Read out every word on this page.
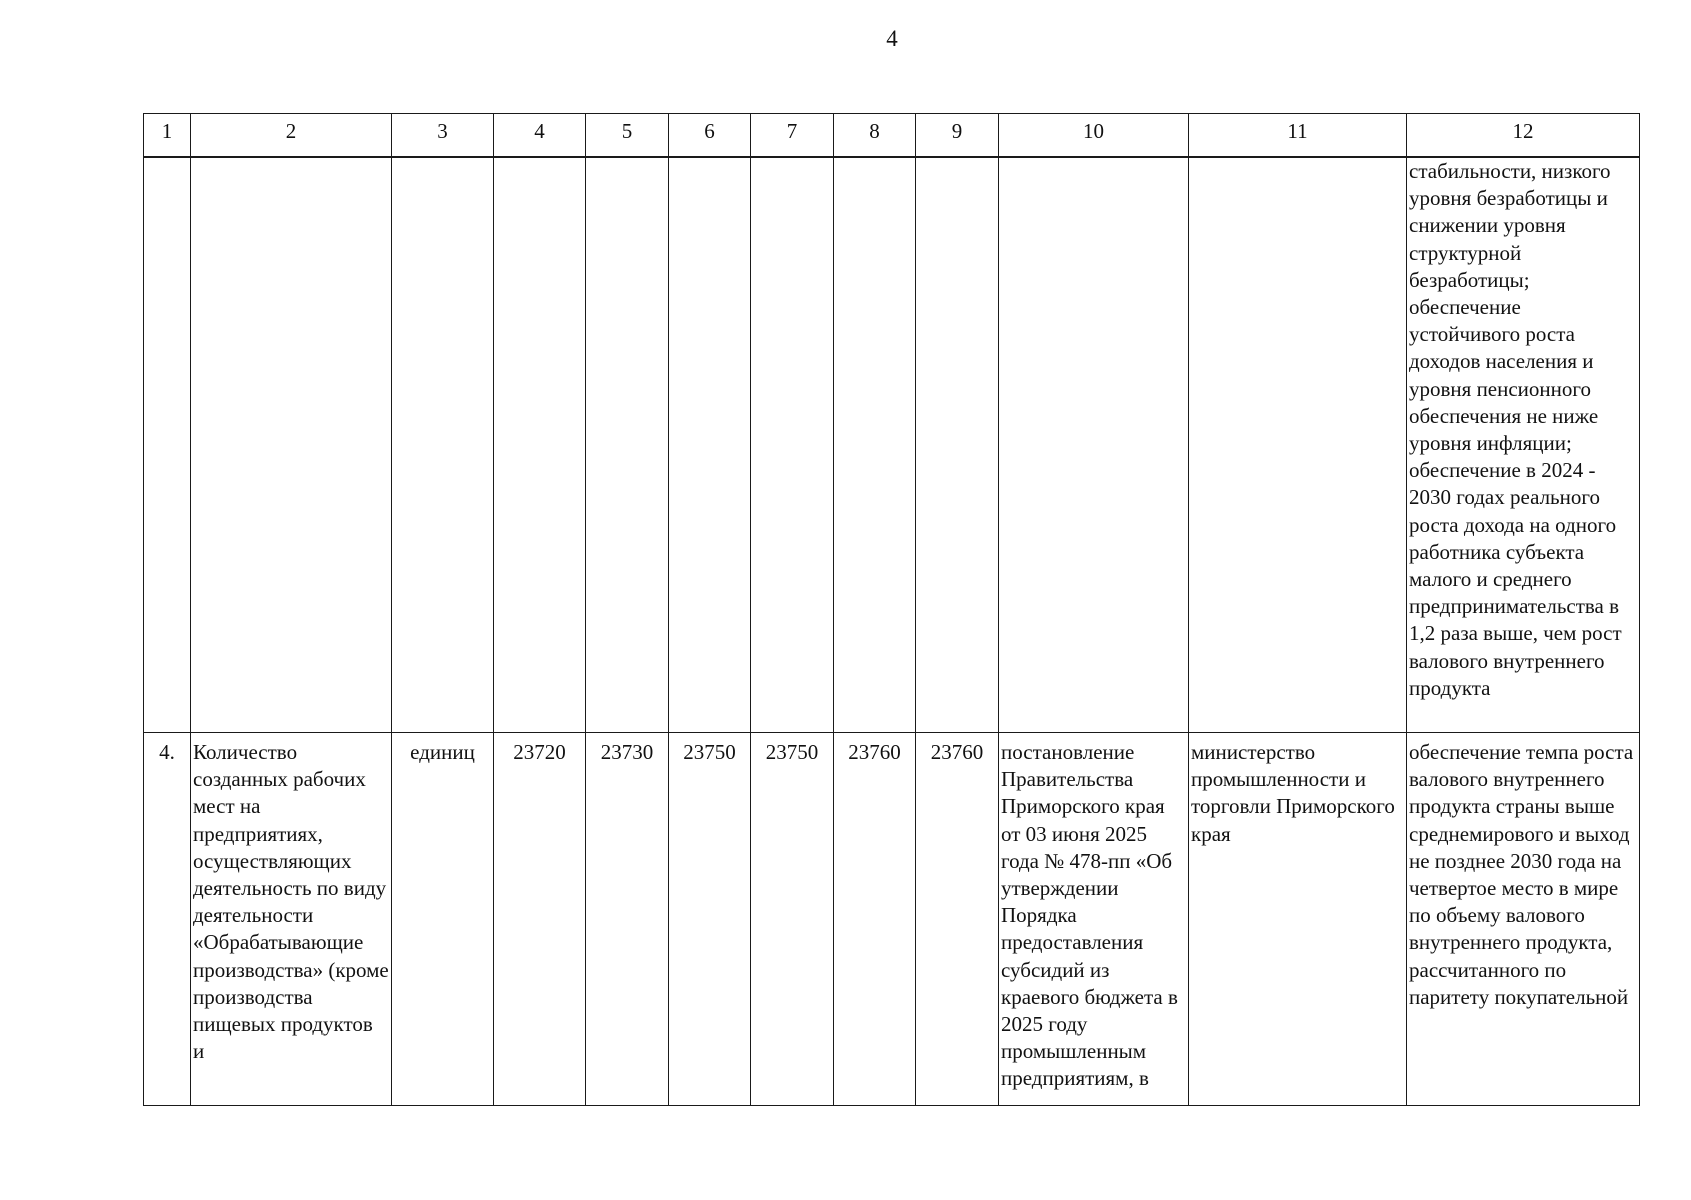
4
1	2	3	4	5	6	7	8	9	10	11	12

											стабильности, низкого уровня безработицы и снижении уровня структурной безработицы; обеспечение устойчивого роста доходов населения и уровня пенсионного обеспечения не ниже уровня инфляции; обеспечение в 2024 - 2030 годах реального роста дохода на одного работника субъекта малого и среднего предпринимательства в 1,2 раза выше, чем рост валового внутреннего продукта

4.	Количество созданных рабочих мест на предприятиях, осуществляющих деятельность по виду деятельности «Обрабатывающие производства» (кроме производства пищевых продуктов и	единиц	23720	23730	23750	23750	23760	23760	постановление Правительства Приморского края от 03 июня 2025 года № 478-пп «Об утверждении Порядка предоставления субсидий из краевого бюджета в 2025 году промышленным предприятиям, в	министерство промышленности и торговли Приморского края	обеспечение темпа роста валового внутреннего продукта страны выше среднемирового и выход не позднее 2030 года на четвертое место в мире по объему валового внутреннего продукта, рассчитанного по паритету покупательной
